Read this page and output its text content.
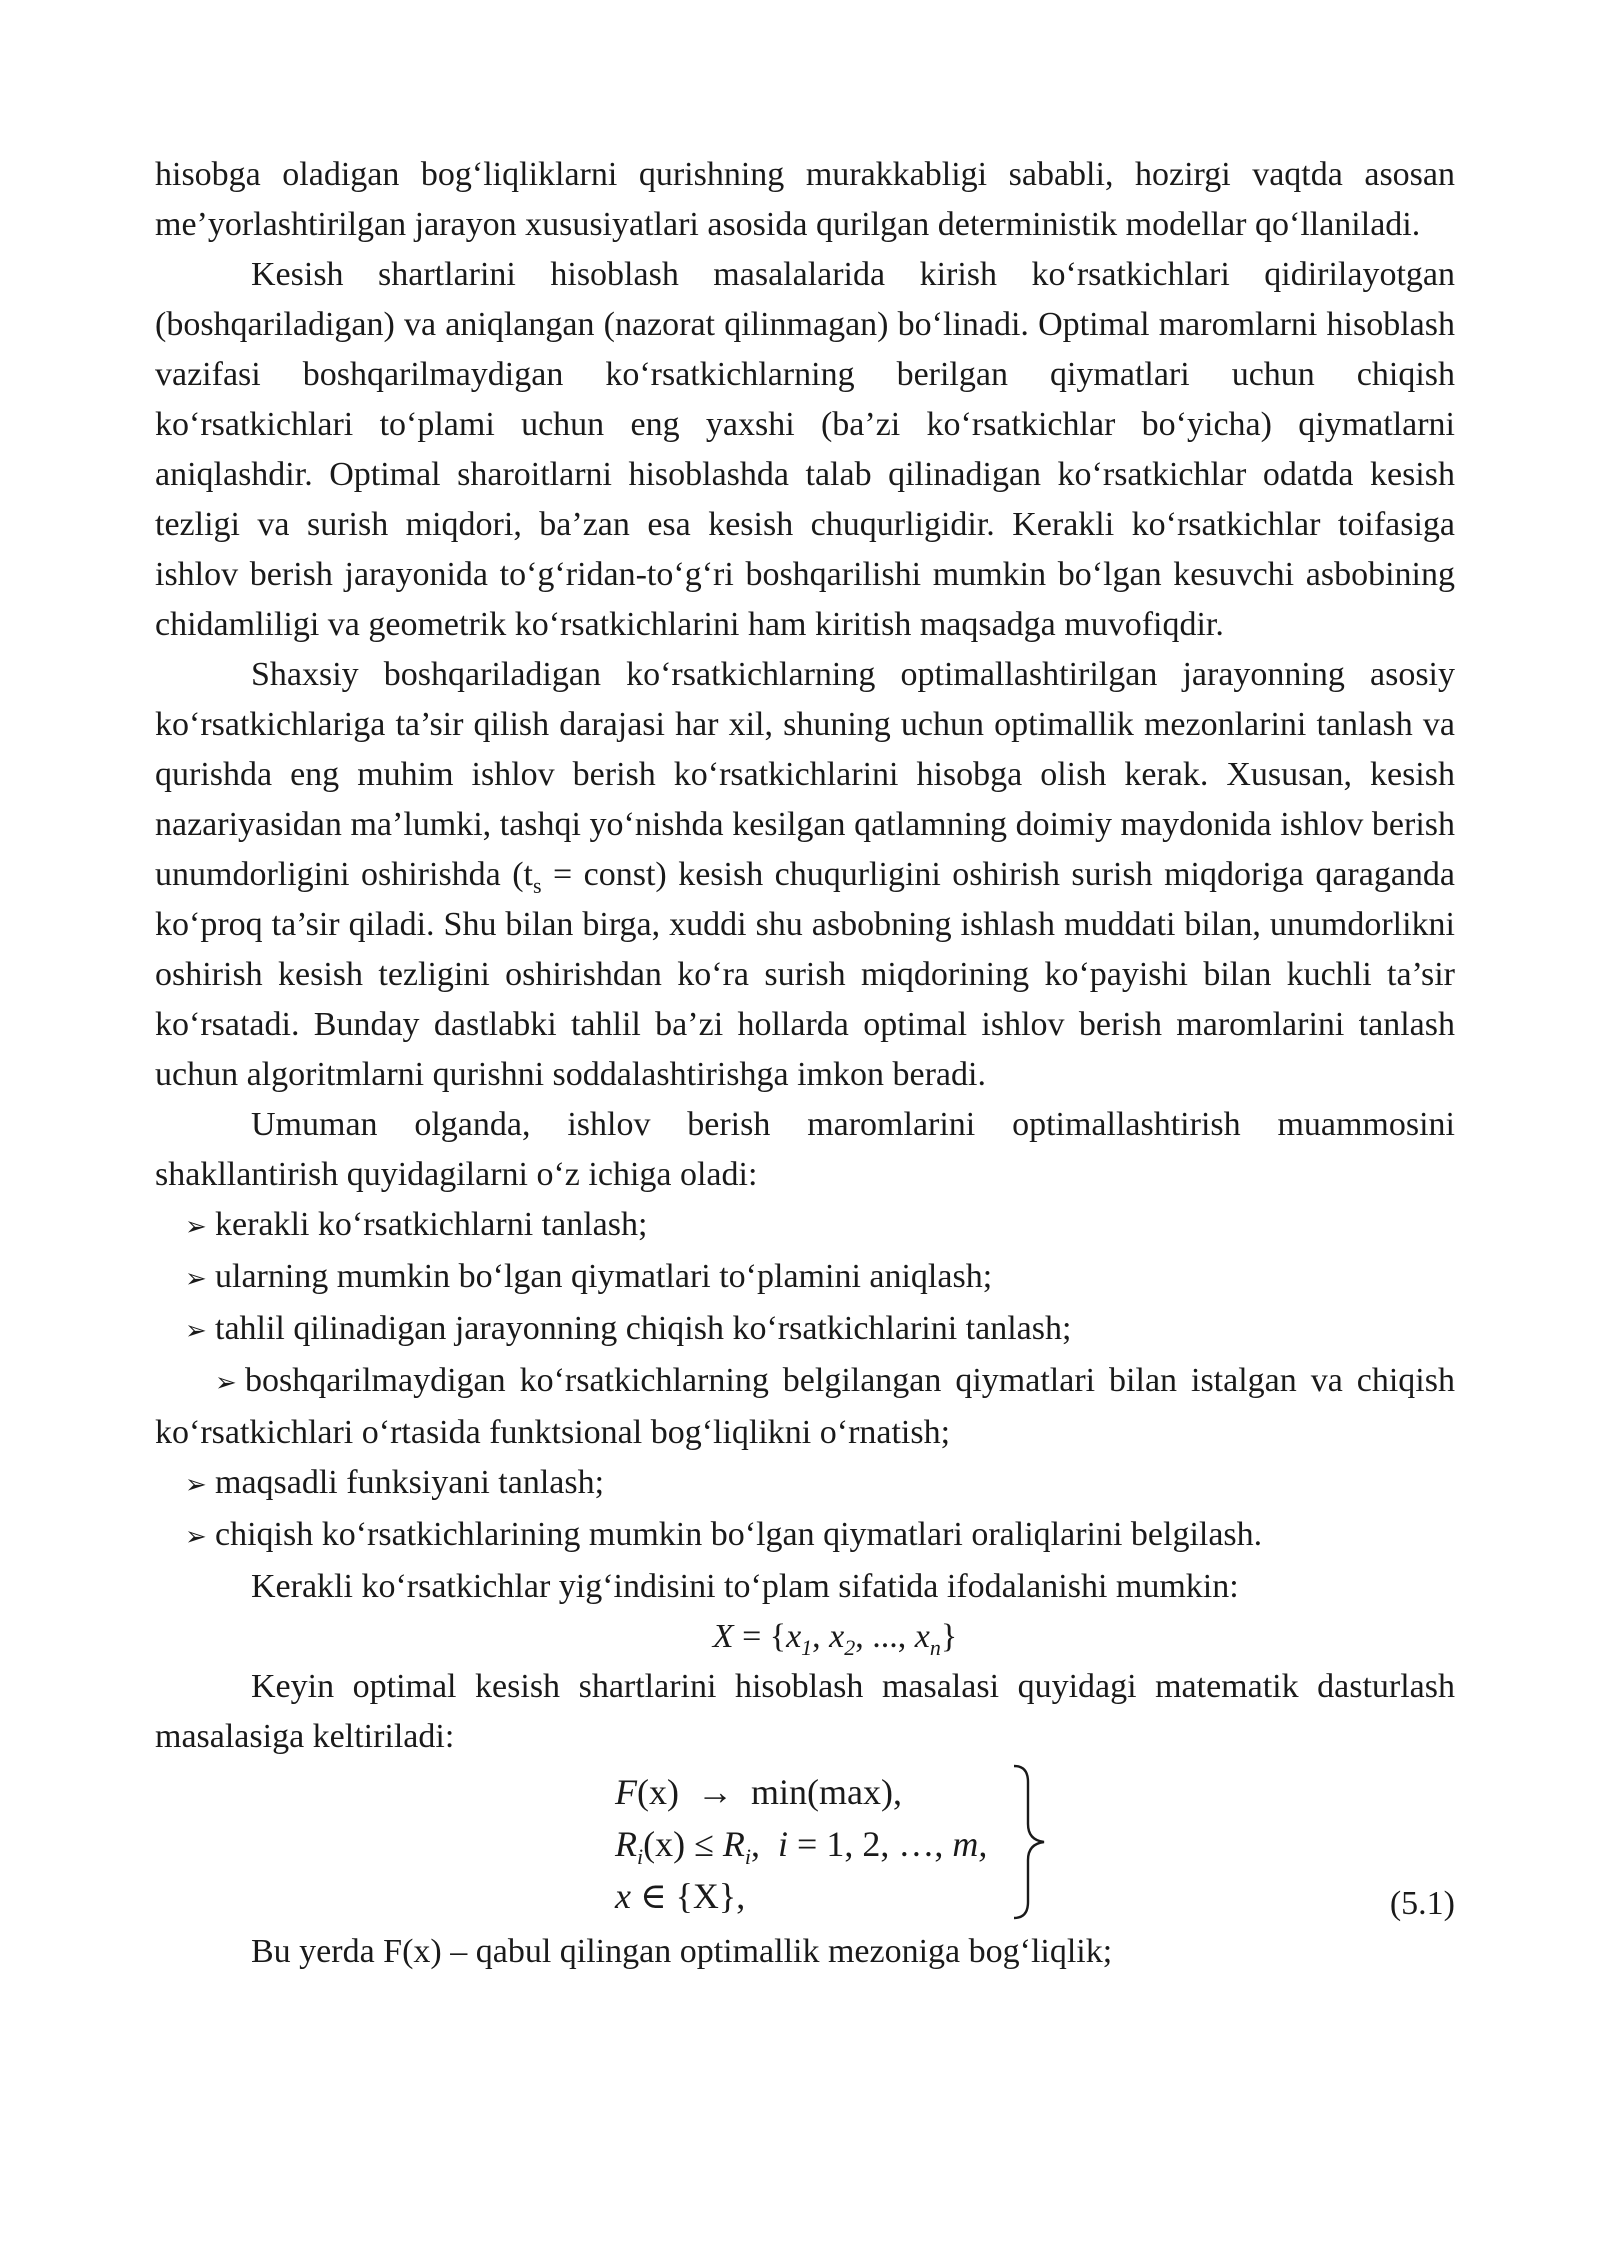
hisobga oladigan bog‘liqliklarni qurishning murakkabligi sababli, hozirgi vaqtda asosan me’yorlashtirilgan jarayon xususiyatlari asosida qurilgan deterministik modellar qo‘llaniladi.

Kesish shartlarini hisoblash masalalarida kirish ko‘rsatkichlari qidirilayotgan (boshqariladigan) va aniqlangan (nazorat qilinmagan) bo‘linadi. Optimal maromlarni hisoblash vazifasi boshqarilmaydigan ko‘rsatkichlarning berilgan qiymatlari uchun chiqish ko‘rsatkichlari to‘plami uchun eng yaxshi (ba’zi ko‘rsatkichlar bo‘yicha) qiymatlarni aniqlashdir. Optimal sharoitlarni hisoblashda talab qilinadigan ko‘rsatkichlar odatda kesish tezligi va surish miqdori, ba’zan esa kesish chuqurligidir. Kerakli ko‘rsatkichlar toifasiga ishlov berish jarayonida to‘g‘ridan-to‘g‘ri boshqarilishi mumkin bo‘lgan kesuvchi asbobining chidamliligi va geometrik ko‘rsatkichlarini ham kiritish maqsadga muvofiqdir.

Shaxsiy boshqariladigan ko‘rsatkichlarning optimallashtirilgan jarayonning asosiy ko‘rsatkichlariga ta’sir qilish darajasi har xil, shuning uchun optimallik mezonlarini tanlash va qurishda eng muhim ishlov berish ko‘rsatkichlarini hisobga olish kerak. Xususan, kesish nazariyasidan ma’lumki, tashqi yo‘nishda kesilgan qatlamning doimiy maydonida ishlov berish unumdorligini oshirishda ($t_s$ = const) kesish chuqurligini oshirish surish miqdoriga qaraganda ko‘proq ta’sir qiladi. Shu bilan birga, xuddi shu asbobning ishlash muddati bilan, unumdorlikni oshirish kesish tezligini oshirishdan ko‘ra surish miqdorining ko‘payishi bilan kuchli ta’sir ko‘rsatadi. Bunday dastlabki tahlil ba’zi hollarda optimal ishlov berish maromlarini tanlash uchun algoritmlarni qurishni soddalashtirishga imkon beradi.

Umuman olganda, ishlov berish maromlarini optimallashtirish muammosini shakllantirish quyidagilarni o‘z ichiga oladi:

➢ kerakli ko‘rsatkichlarni tanlash;
➢ ularning mumkin bo‘lgan qiymatlari to‘plamini aniqlash;
➢ tahlil qilinadigan jarayonning chiqish ko‘rsatkichlarini tanlash;
➢ boshqarilmaydigan ko‘rsatkichlarning belgilangan qiymatlari bilan istalgan va chiqish ko‘rsatkichlari o‘rtasida funktsional bog‘liqlikni o‘rnatish;
➢ maqsadli funksiyani tanlash;
➢ chiqish ko‘rsatkichlarining mumkin bo‘lgan qiymatlari oraliqlarini belgilash.

Kerakli ko‘rsatkichlar yig‘indisini to‘plam sifatida ifodalanishi mumkin:

$X = \{x_1$, $x_2$, ..., $x_n$}

Keyin optimal kesish shartlarini hisoblash masalasi quyidagi matematik dasturlash masalasiga keltiriladi:

F(x) → min(max),
$R_i(x) \le R_i$, i = 1, 2, …, m,
x ∈ {X},	(5.1)

Bu yerda F(x) – qabul qilingan optimallik mezoniga bog‘liqlik;
